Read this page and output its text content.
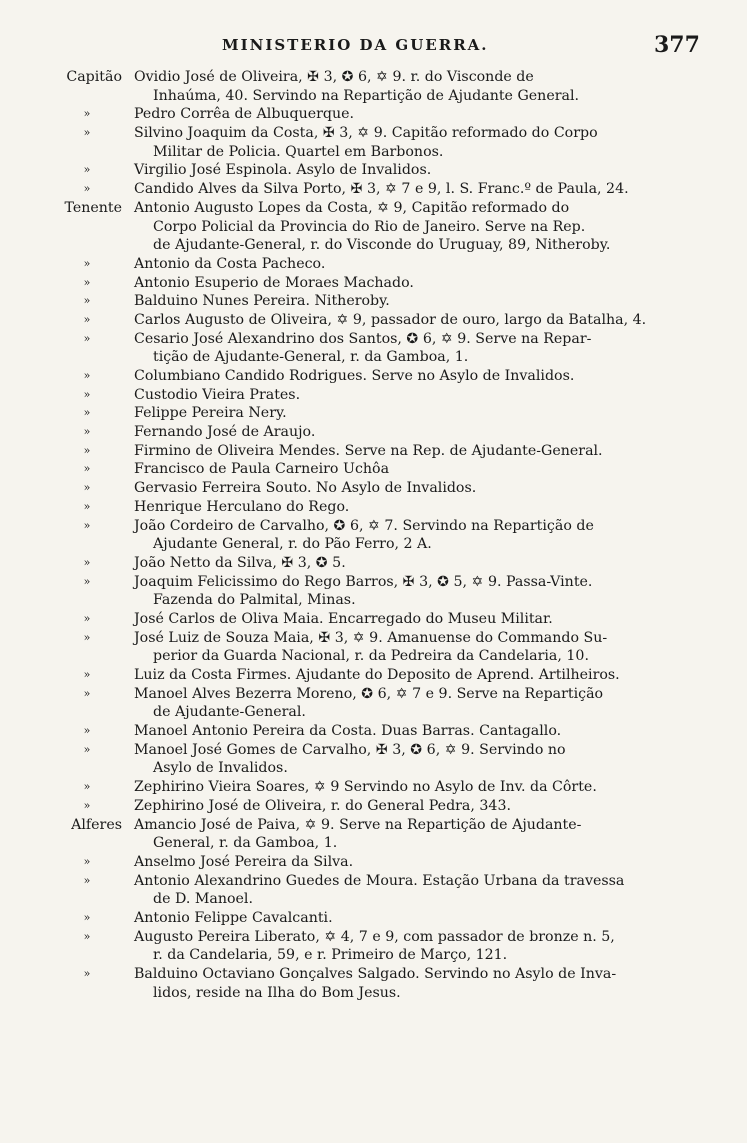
MINISTERIO DA GUERRA.	377
Capitão Ovidio José de Oliveira, ✠ 3, ✪ 6, ✡ 9. r. do Visconde de
Inhaúma, 40. Servindo na Repartição de Ajudante General.
»	Pedro Corrêa de Albuquerque.
»	Silvino Joaquim da Costa, ✠ 3, ✡ 9. Capitão reformado do Corpo
Militar de Policia. Quartel em Barbonos.
»	Virgilio José Espinola. Asylo de Invalidos.
»	Candido Alves da Silva Porto, ✠ 3, ✡ 7 e 9, l. S. Franc.º de Paula, 24.
Tenente Antonio Augusto Lopes da Costa, ✡ 9, Capitão reformado do
Corpo Policial da Provincia do Rio de Janeiro. Serve na Rep.
de Ajudante-General, r. do Visconde do Uruguay, 89, Nitheroby.
»	Antonio da Costa Pacheco.
»	Antonio Esuperio de Moraes Machado.
»	Balduino Nunes Pereira. Nitheroby.
»	Carlos Augusto de Oliveira, ✡ 9, passador de ouro, largo da Batalha, 4.
»	Cesario José Alexandrino dos Santos, ✪ 6, ✡ 9. Serve na Repar-
tição de Ajudante-General, r. da Gamboa, 1.
»	Columbiano Candido Rodrigues. Serve no Asylo de Invalidos.
»	Custodio Vieira Prates.
»	Felippe Pereira Nery.
»	Fernando José de Araujo.
»	Firmino de Oliveira Mendes. Serve na Rep. de Ajudante-General.
»	Francisco de Paula Carneiro Uchôa
»	Gervasio Ferreira Souto. No Asylo de Invalidos.
»	Henrique Herculano do Rego.
»	João Cordeiro de Carvalho, ✪ 6, ✡ 7. Servindo na Repartição de
Ajudante General, r. do Pão Ferro, 2 A.
»	João Netto da Silva, ✠ 3, ✪ 5.
»	Joaquim Felicissimo do Rego Barros, ✠ 3, ✪ 5, ✡ 9. Passa-Vinte.
Fazenda do Palmital, Minas.
»	José Carlos de Oliva Maia. Encarregado do Museu Militar.
»	José Luiz de Souza Maia, ✠ 3, ✡ 9. Amanuense do Commando Su-
perior da Guarda Nacional, r. da Pedreira da Candelaria, 10.
»	Luiz da Costa Firmes. Ajudante do Deposito de Aprend. Artilheiros.
»	Manoel Alves Bezerra Moreno, ✪ 6, ✡ 7 e 9. Serve na Repartição
de Ajudante-General.
»	Manoel Antonio Pereira da Costa. Duas Barras. Cantagallo.
»	Manoel José Gomes de Carvalho, ✠ 3, ✪ 6, ✡ 9. Servindo no
Asylo de Invalidos.
»	Zephirino Vieira Soares, ✡ 9 Servindo no Asylo de Inv. da Côrte.
»	Zephirino José de Oliveira, r. do General Pedra, 343.
Alferes Amancio José de Paiva, ✡ 9. Serve na Repartição de Ajudante-
General, r. da Gamboa, 1.
»	Anselmo José Pereira da Silva.
»	Antonio Alexandrino Guedes de Moura. Estação Urbana da travessa
de D. Manoel.
»	Antonio Felippe Cavalcanti.
»	Augusto Pereira Liberato, ✡ 4, 7 e 9, com passador de bronze n. 5,
r. da Candelaria, 59, e r. Primeiro de Março, 121.
»	Balduino Octaviano Gonçalves Salgado. Servindo no Asylo de Inva-
lidos, reside na Ilha do Bom Jesus.
